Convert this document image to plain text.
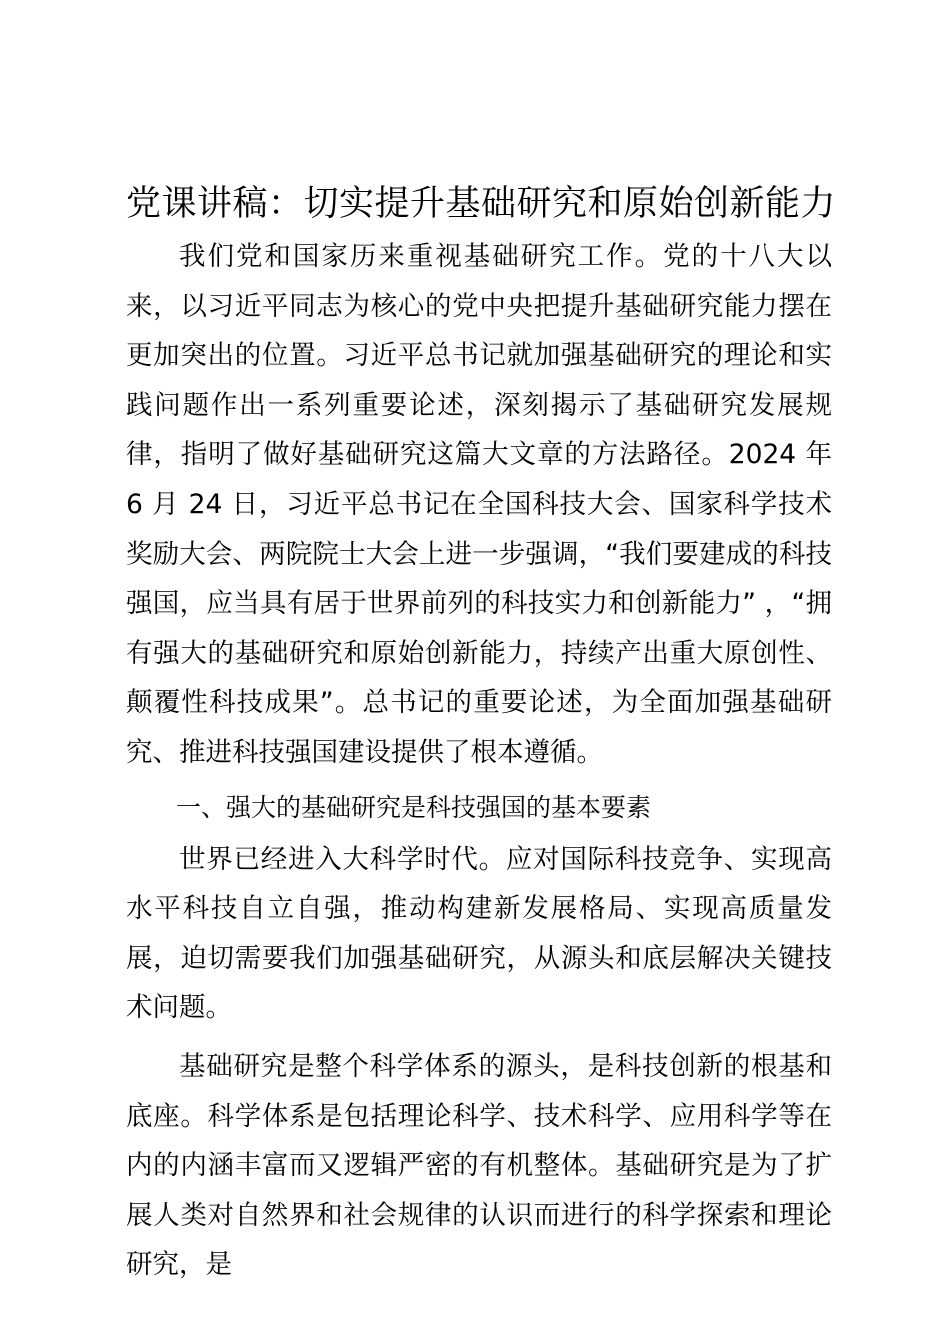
党课讲稿：切实提升基础研究和原始创新能力

我们党和国家历来重视基础研究工作。党的十八大以来，以习近平同志为核心的党中央把提升基础研究能力摆在更加突出的位置。习近平总书记就加强基础研究的理论和实践问题作出一系列重要论述，深刻揭示了基础研究发展规律，指明了做好基础研究这篇大文章的方法路径。2024 年 6 月 24 日，习近平总书记在全国科技大会、国家科学技术奖励大会、两院院士大会上进一步强调，“我们要建成的科技强国，应当具有居于世界前列的科技实力和创新能力” ，“拥有强大的基础研究和原始创新能力，持续产出重大原创性、颠覆性科技成果”。总书记的重要论述，为全面加强基础研究、推进科技强国建设提供了根本遵循。

一、强大的基础研究是科技强国的基本要素

世界已经进入大科学时代。应对国际科技竞争、实现高水平科技自立自强，推动构建新发展格局、实现高质量发展，迫切需要我们加强基础研究，从源头和底层解决关键技术问题。

基础研究是整个科学体系的源头，是科技创新的根基和底座。科学体系是包括理论科学、技术科学、应用科学等在内的内涵丰富而又逻辑严密的有机整体。基础研究是为了扩展人类对自然界和社会规律的认识而进行的科学探索和理论研究，是
